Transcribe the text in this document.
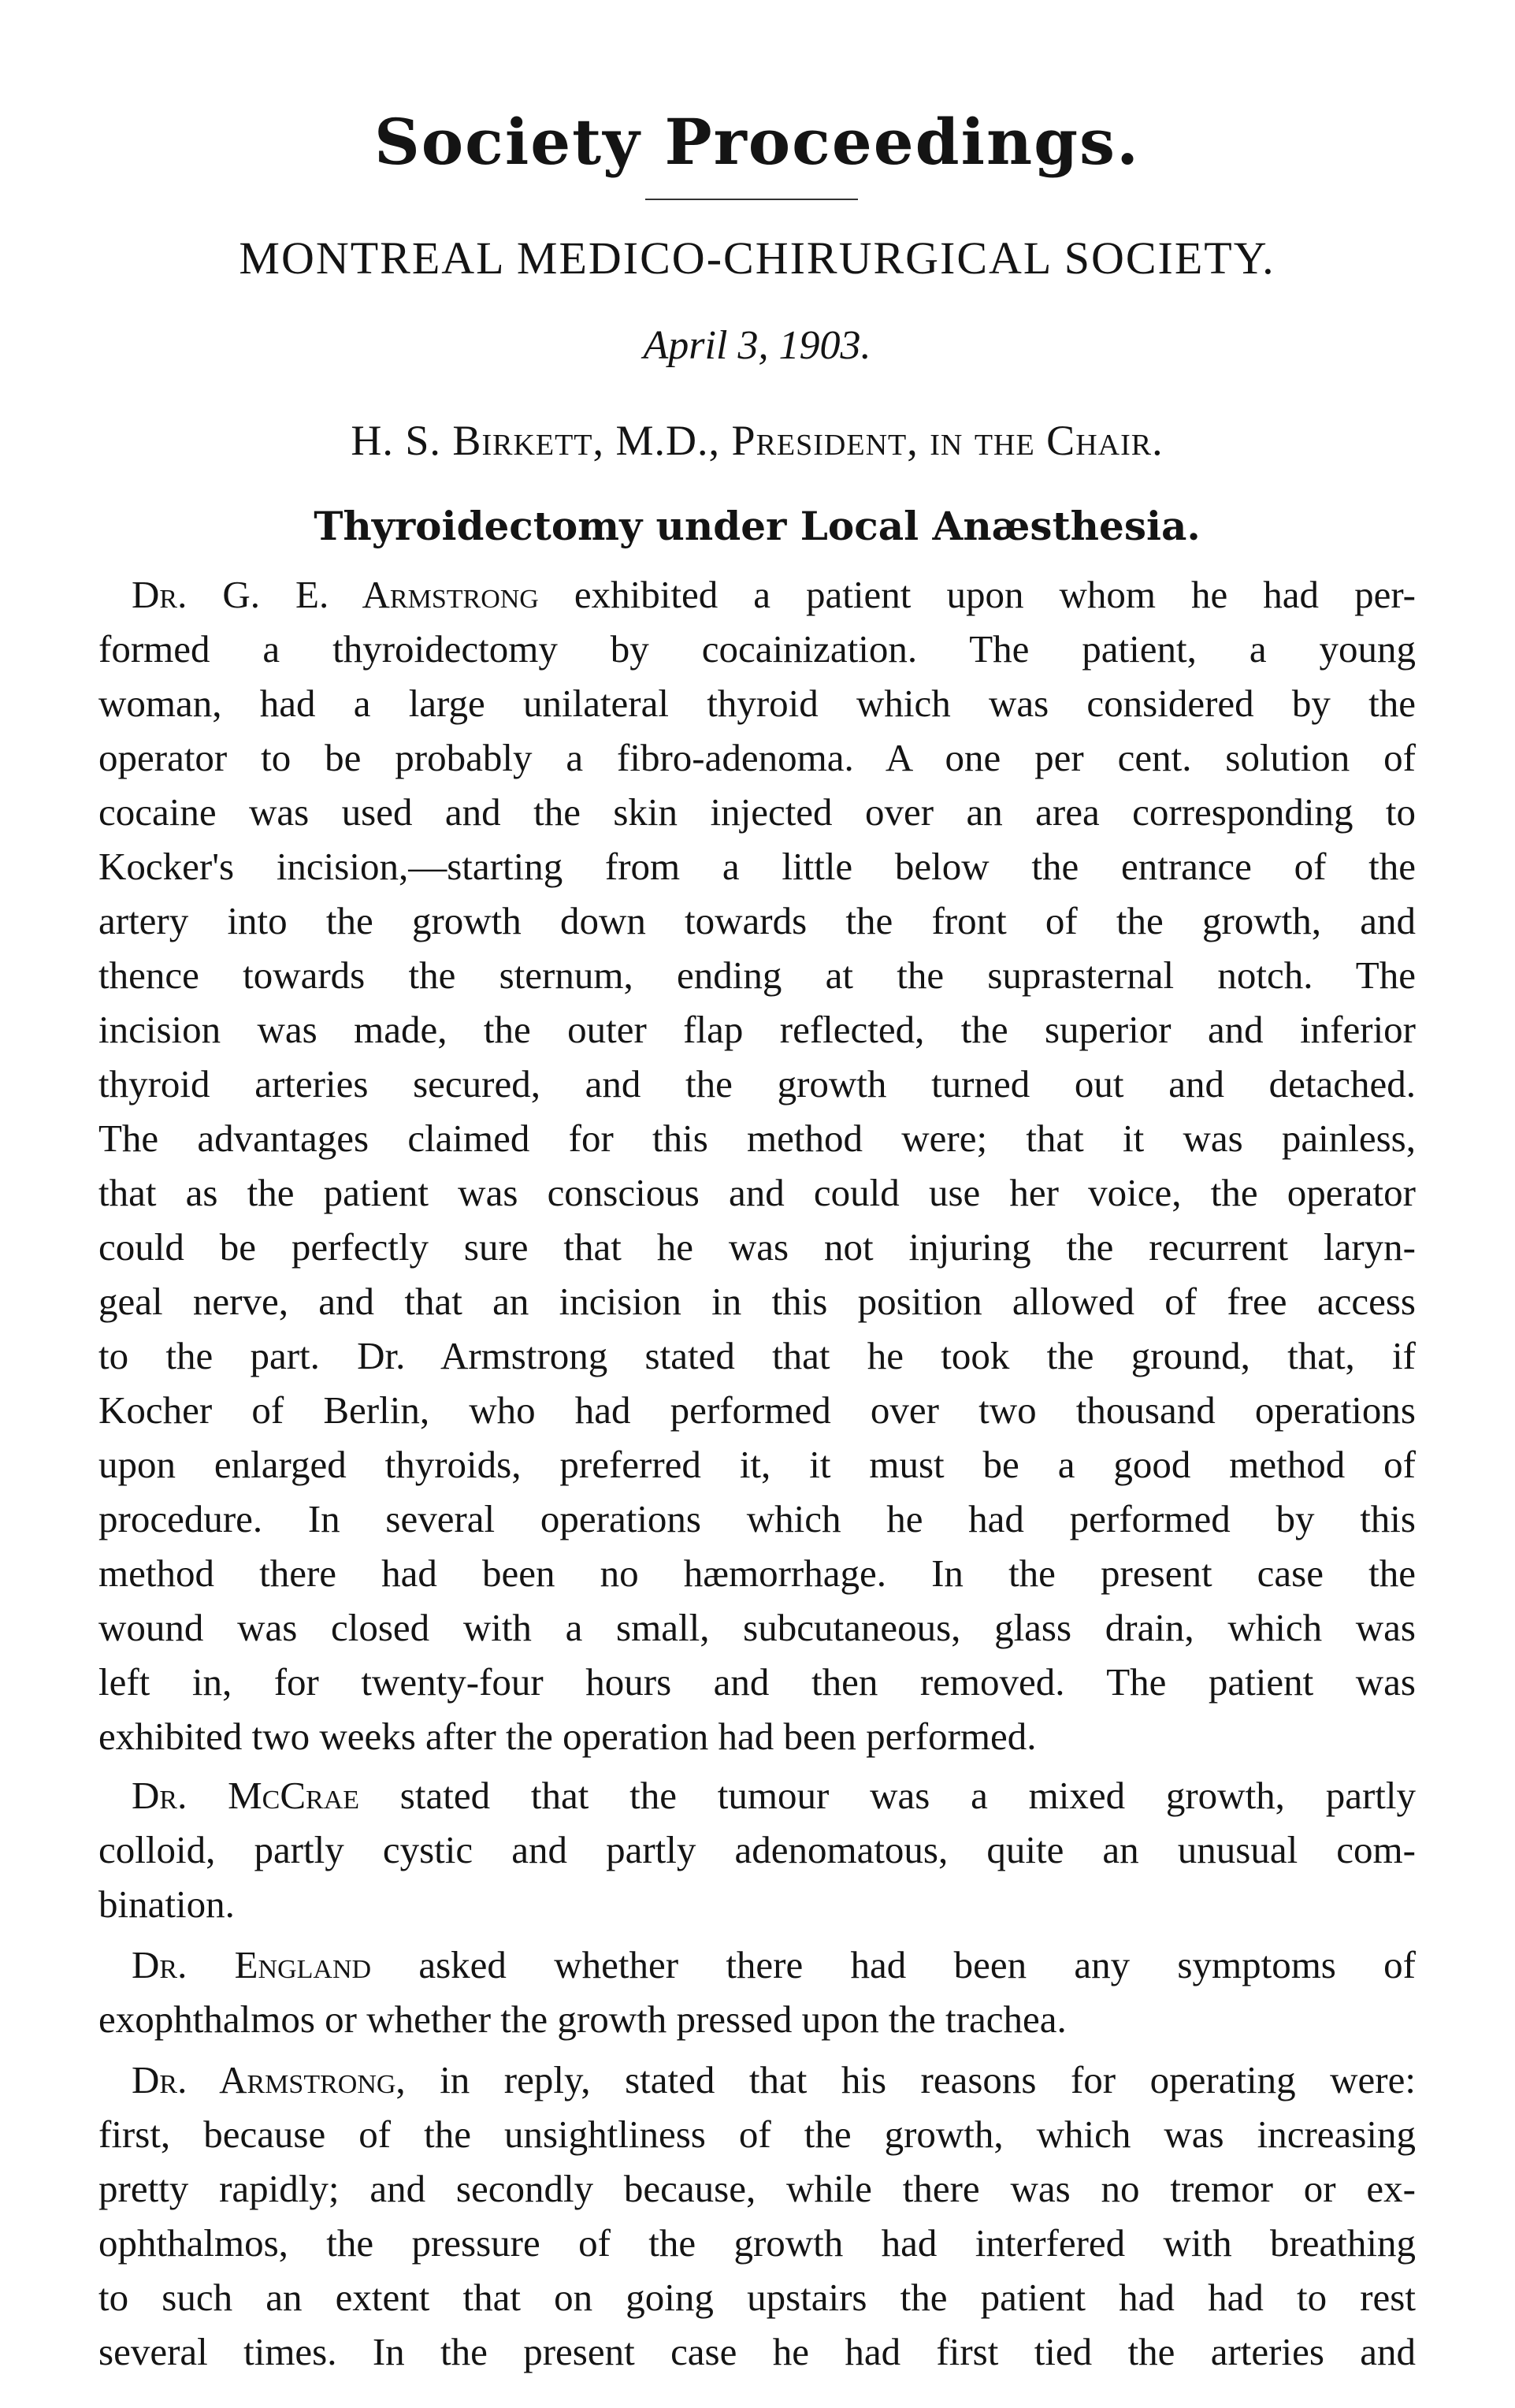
Society Proceedings.
MONTREAL MEDICO-CHIRURGICAL SOCIETY.
April 3, 1903.
H. S. Birkett, M.D., President, in the Chair.
Thyroidectomy under Local Anæsthesia.
Dr. G. E. Armstrong exhibited a patient upon whom he had per-
formed a thyroidectomy by cocainization. The patient, a young
woman, had a large unilateral thyroid which was considered by the
operator to be probably a fibro-adenoma. A one per cent. solution of
cocaine was used and the skin injected over an area corresponding to
Kocker's incision,—starting from a little below the entrance of the
artery into the growth down towards the front of the growth, and
thence towards the sternum, ending at the suprasternal notch. The
incision was made, the outer flap reflected, the superior and inferior
thyroid arteries secured, and the growth turned out and detached.
The advantages claimed for this method were; that it was painless,
that as the patient was conscious and could use her voice, the operator
could be perfectly sure that he was not injuring the recurrent laryn-
geal nerve, and that an incision in this position allowed of free access
to the part. Dr. Armstrong stated that he took the ground, that, if
Kocher of Berlin, who had performed over two thousand operations
upon enlarged thyroids, preferred it, it must be a good method of
procedure. In several operations which he had performed by this
method there had been no hæmorrhage. In the present case the
wound was closed with a small, subcutaneous, glass drain, which was
left in, for twenty-four hours and then removed. The patient was
exhibited two weeks after the operation had been performed.
Dr. McCrae stated that the tumour was a mixed growth, partly
colloid, partly cystic and partly adenomatous, quite an unusual com-
bination.
Dr. England asked whether there had been any symptoms of
exophthalmos or whether the growth pressed upon the trachea.
Dr. Armstrong, in reply, stated that his reasons for operating were:
first, because of the unsightliness of the growth, which was increasing
pretty rapidly; and secondly because, while there was no tremor or ex-
ophthalmos, the pressure of the growth had interfered with breathing
to such an extent that on going upstairs the patient had had to rest
several times. In the present case he had first tied the arteries and
